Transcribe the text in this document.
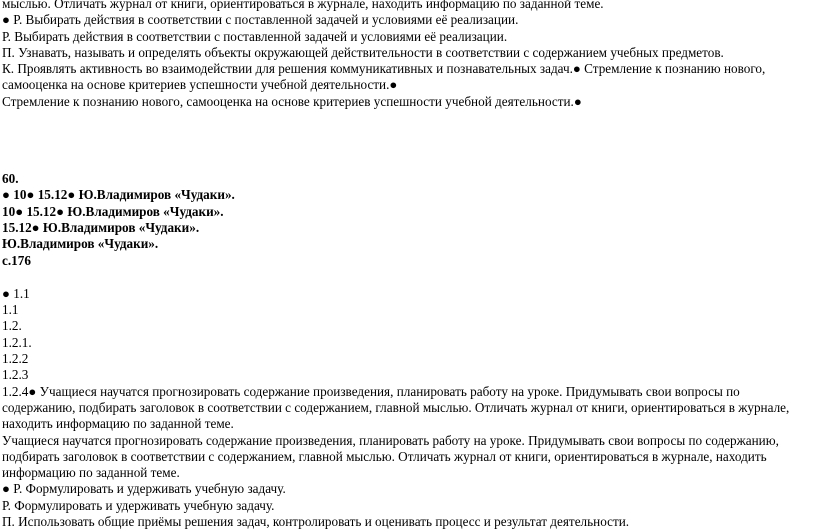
мыслью. Отличать журнал от книги, ориентироваться в журнале, находить информацию по заданной теме.
● Р. Выбирать действия в соответствии с поставленной задачей и условиями её реализации.
Р. Выбирать действия в соответствии с поставленной задачей и условиями её реализации.
П. Узнавать, называть и определять объекты окружающей действительности в соответствии с содержанием учебных предметов.
К. Проявлять активность во взаимодействии для решения коммуникативных и познавательных задач.● Стремление к познанию нового, самооценка на основе критериев успешности учебной деятельности.●
Стремление к познанию нового, самооценка на основе критериев успешности учебной деятельности.●
60.
● 10● 15.12● Ю.Владимиров «Чудаки».
10● 15.12● Ю.Владимиров «Чудаки».
15.12● Ю.Владимиров «Чудаки».
Ю.Владимиров «Чудаки».
с.176
● 1.1
1.1
1.2.
1.2.1.
1.2.2
1.2.3
1.2.4● Учащиеся научатся прогнозировать содержание произведения, планировать работу на уроке. Придумывать свои вопросы по содержанию, подбирать заголовок в соответствии с содержанием, главной мыслью. Отличать журнал от книги, ориентироваться в журнале, находить информацию по заданной теме.
Учащиеся научатся прогнозировать содержание произведения, планировать работу на уроке. Придумывать свои вопросы по содержанию, подбирать заголовок в соответствии с содержанием, главной мыслью. Отличать журнал от книги, ориентироваться в журнале, находить информацию по заданной теме.
● Р. Формулировать и удерживать учебную задачу.
Р. Формулировать и удерживать учебную задачу.
П. Использовать общие приёмы решения задач, контролировать и оценивать процесс и результат деятельности.
